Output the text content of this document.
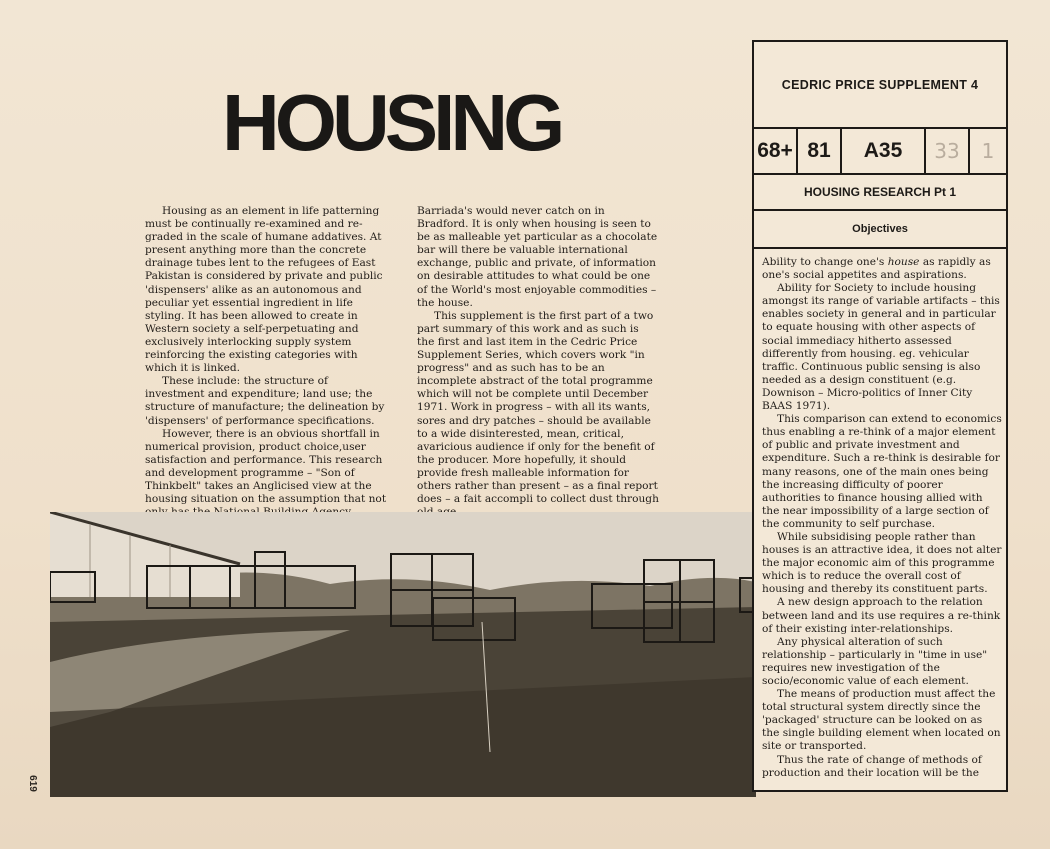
HOUSING

Housing as an element in life patterning must be continually re-examined and re-graded in the scale of humane addatives. At present anything more than the concrete drainage tubes lent to the refugees of East Pakistan is considered by private and public 'dispensers' alike as an autonomous and peculiar yet essential ingredient in life styling. It has been allowed to create in Western society a self-perpetuating and exclusively interlocking supply system reinforcing the existing categories with which it is linked.

These include: the structure of investment and expenditure; land use; the structure of manufacture; the delineation by 'dispensers' of performance specifications.

However, there is an obvious shortfall in numerical provision, product choice,user satisfaction and performance. This research and development programme – "Son of Thinkbelt" takes an Anglicised view at the housing situation on the assumption that not

Barriada's would never catch on in Bradford. It is only when housing is seen to be as malleable yet particular as a chocolate bar will there be valuable international exchange, public and private, of information on desirable attitudes to what could be one of the World's most enjoyable commodities – the house.

This supplement is the first part of a two part summary of this work and as such is the first and last item in the Cedric Price Supplement Series, which covers work "in progress" and as such has to be an incomplete abstract of the total programme which will not be complete until December 1971. Work in progress – with all its wants, sores and dry patches – should be available to a wide disinterested, mean, critical, avaricious audience if only for the benefit of the producer. More hopefully, it should provide fresh malleable information for others rather than present – as a final report does – a fait accompli to collect dust through

CEDRIC PRICE SUPPLEMENT 4
68+ 81	A35	33	1
HOUSING RESEARCH Pt 1
Objectives

Ability to change one's house as rapidly as one's social appetites and aspirations.

Ability for Society to include housing amongst its range of variable artifacts – this enables society in general and in particular to equate housing with other aspects of social immediacy hitherto assessed differently from housing. eg. vehicular traffic. Continuous public sensing is also needed as a design constituent (e.g. Downison – Micro-politics of Inner City BAAS 1971).

This comparison can extend to economics thus enabling a re-think of a major element of public and private investment and expenditure. Such a re-think is desirable for many reasons, one of the main ones being the increasing difficulty of poorer authorities to finance housing allied with the near impossibility of a large section of the community to self purchase.

While subsidising people rather than houses is an attractive idea, it does not alter the major economic aim of this programme which is to reduce the overall cost of housing and thereby its constituent parts.

A new design approach to the relation between land and its use requires a re-think of their existing inter-relationships.

Any physical alteration of such relationship – particularly in "time in use" requires new investigation of the socio/economic value of each element.

The means of production must affect the total structural system directly since the 'packaged' structure can be looked on as the single building element when located on site or transported.

Thus the rate of change of methods of production and their location will be the

619
